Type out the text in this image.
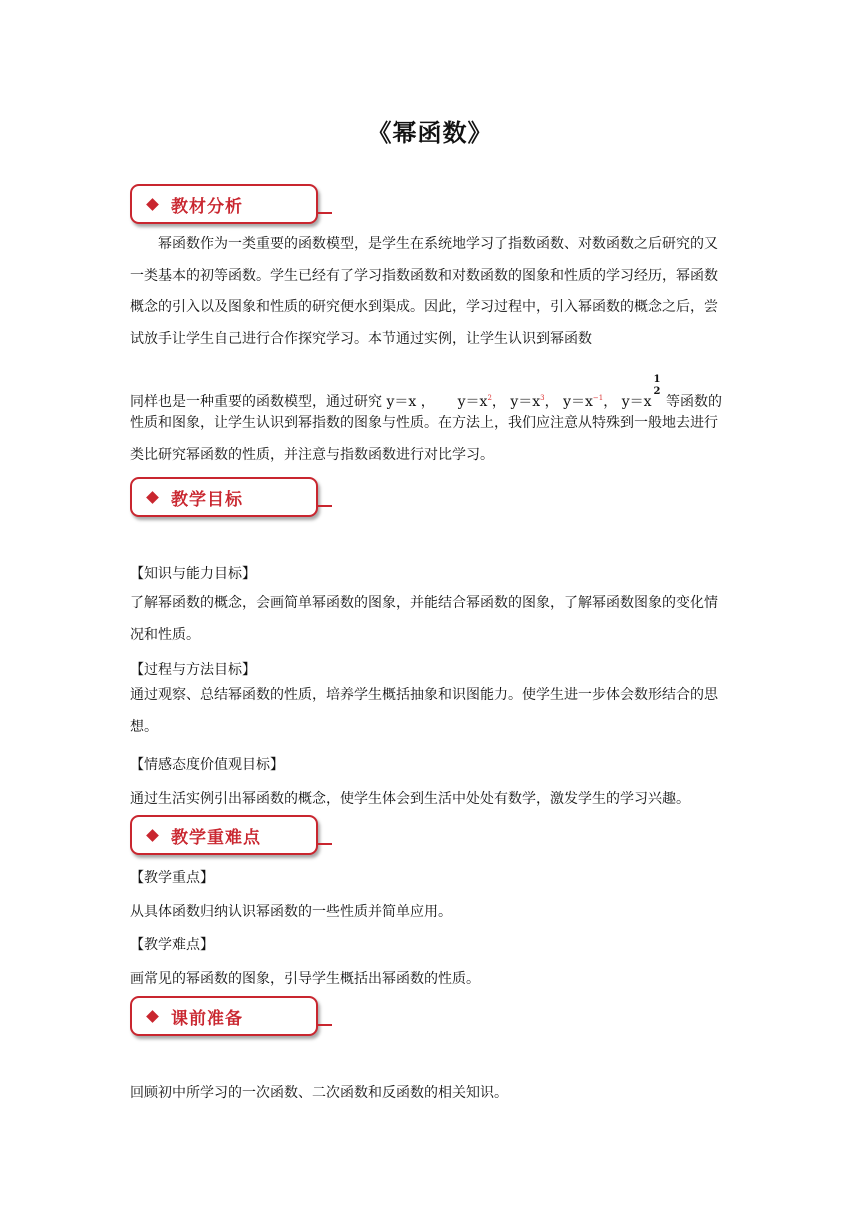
《幂函数》
教材分析

幂函数作为一类重要的函数模型，是学生在系统地学习了指数函数、对数函数之后研究的又一类基本的初等函数。学生已经有了学习指数函数和对数函数的图象和性质的学习经历，幂函数概念的引入以及图象和性质的研究便水到渠成。因此，学习过程中，引入幂函数的概念之后，尝试放手让学生自己进行合作探究学习。本节通过实例，让学生认识到幂函数

同样也是一种重要的函数模型，通过研究 y＝x ， $y=x^2$， $y=x^3$， $y=x^{-1}$， y＝x
1
2
等函数的

性质和图象，让学生认识到幂指数的图象与性质。在方法上，我们应注意从特殊到一般地去进行类比研究幂函数的性质，并注意与指数函数进行对比学习。

教学目标
【知识与能力目标】

了解幂函数的概念，会画简单幂函数的图象，并能结合幂函数的图象，了解幂函数图象的变化情况和性质。

【过程与方法目标】

通过观察、总结幂函数的性质，培养学生概括抽象和识图能力。使学生进一步体会数形结合的思想。

【情感态度价值观目标】
通过生活实例引出幂函数的概念，使学生体会到生活中处处有数学，激发学生的学习兴趣。
教学重难点
【教学重点】
从具体函数归纳认识幂函数的一些性质并简单应用。
【教学难点】
画常见的幂函数的图象，引导学生概括出幂函数的性质。
课前准备
回顾初中所学习的一次函数、二次函数和反函数的相关知识。
